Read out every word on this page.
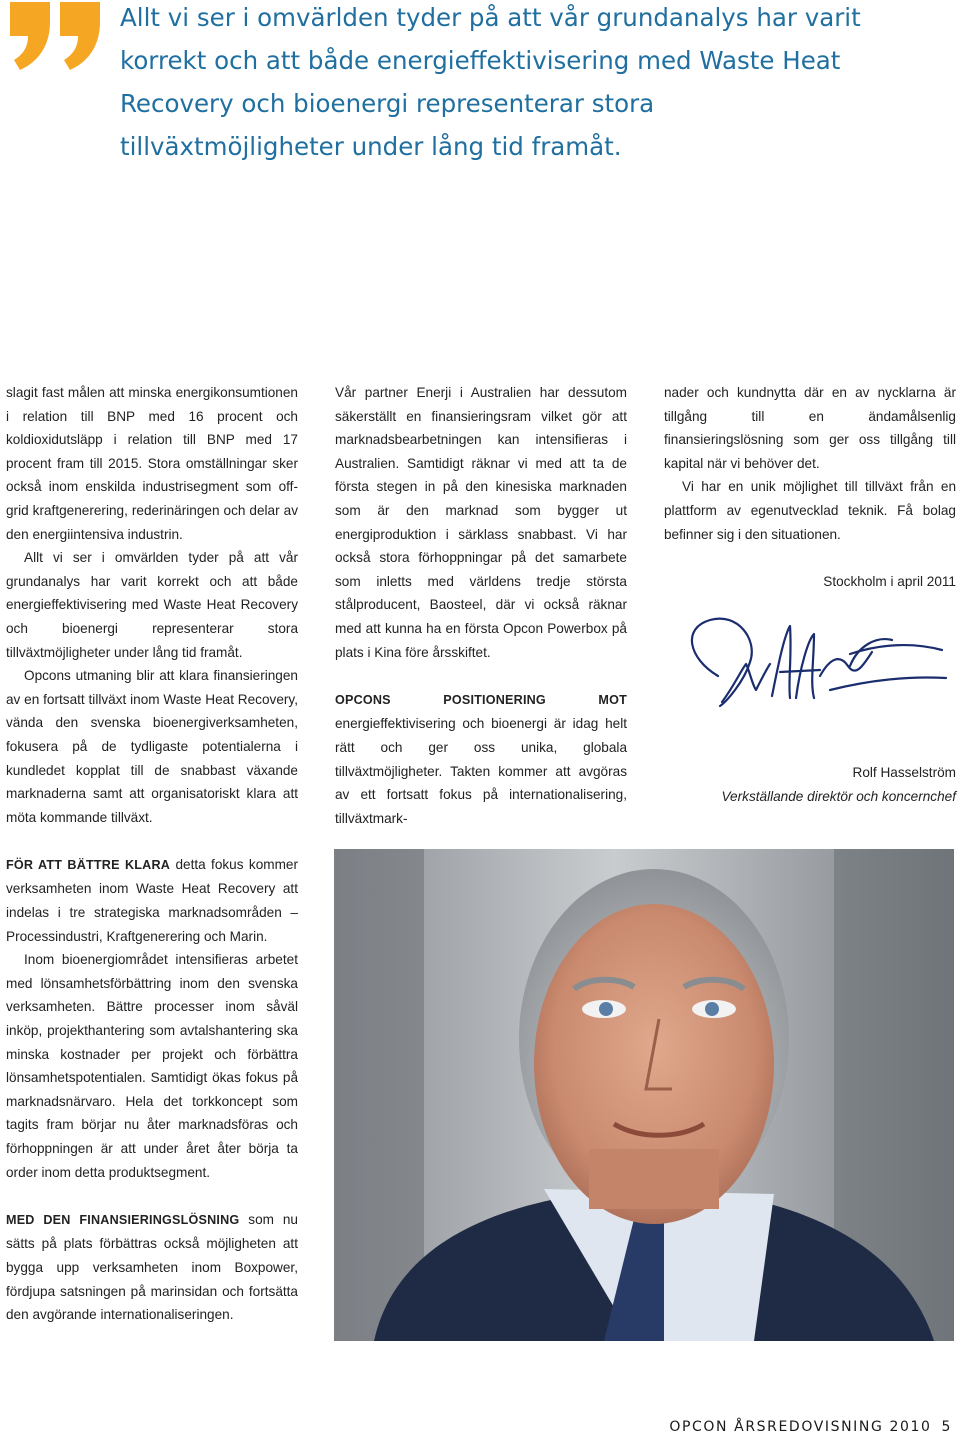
Allt vi ser i omvärlden tyder på att vår grundanalys har varit korrekt och att både energieffektivisering med Waste Heat Recovery och bioenergi representerar stora tillväxtmöjligheter under lång tid framåt.

slagit fast målen att minska energikonsumtionen i relation till BNP med 16 procent och koldioxidutsläpp i relation till BNP med 17 procent fram till 2015. Stora omställningar sker också inom enskilda industrisegment som off-grid kraftgenerering, rederinäringen och delar av den energiintensiva industrin.

Allt vi ser i omvärlden tyder på att vår grundanalys har varit korrekt och att både energieffektivisering med Waste Heat Recovery och bioenergi representerar stora tillväxtmöjligheter under lång tid framåt.

Opcons utmaning blir att klara finansieringen av en fortsatt tillväxt inom Waste Heat Recovery, vända den svenska bioenergiverksamheten, fokusera på de tydligaste potentialerna i kundledet kopplat till de snabbast växande marknaderna samt att organisatoriskt klara att möta kommande tillväxt.

FÖR ATT BÄTTRE KLARA detta fokus kommer verksamheten inom Waste Heat Recovery att indelas i tre strategiska marknadsområden – Processindustri, Kraftgenerering och Marin.

Inom bioenergiområdet intensifieras arbetet med lönsamhetsförbättring inom den svenska verksamheten. Bättre processer inom såväl inköp, projekthantering som avtalshantering ska minska kostnader per projekt och förbättra lönsamhetspotentialen. Samtidigt ökas fokus på marknadsnärvaro. Hela det torkkoncept som tagits fram börjar nu åter marknadsföras och förhoppningen är att under året åter börja ta order inom detta produktsegment.

MED DEN FINANSIERINGSLÖSNING som nu sätts på plats förbättras också möjligheten att bygga upp verksamheten inom Boxpower, fördjupa satsningen på marinsidan och fortsätta den avgörande internationaliseringen.

Vår partner Enerji i Australien har dessutom säkerställt en finansieringsram vilket gör att marknadsbearbetningen kan intensifieras i Australien. Samtidigt räknar vi med att ta de första stegen in på den kinesiska marknaden som är den marknad som bygger ut energiproduktion i särklass snabbast. Vi har också stora förhoppningar på det samarbete som inletts med världens tredje största stålproducent, Baosteel, där vi också räknar med att kunna ha en första Opcon Powerbox på plats i Kina före årsskiftet.

OPCONS POSITIONERING MOT energieffektivisering och bioenergi är idag helt rätt och ger oss unika, globala tillväxtmöjligheter. Takten kommer att avgöras av ett fortsatt fokus på internationalisering, tillväxtmark-

nader och kundnytta där en av nycklarna är tillgång till en ändamålsenlig finansieringslösning som ger oss tillgång till kapital när vi behöver det.

Vi har en unik möjlighet till tillväxt från en plattform av egenutvecklad teknik. Få bolag befinner sig i den situationen.

Stockholm i april 2011

Rolf Hasselström

Verkställande direktör och koncernchef

OPCON ÅRSREDOVISNING 2010 5
